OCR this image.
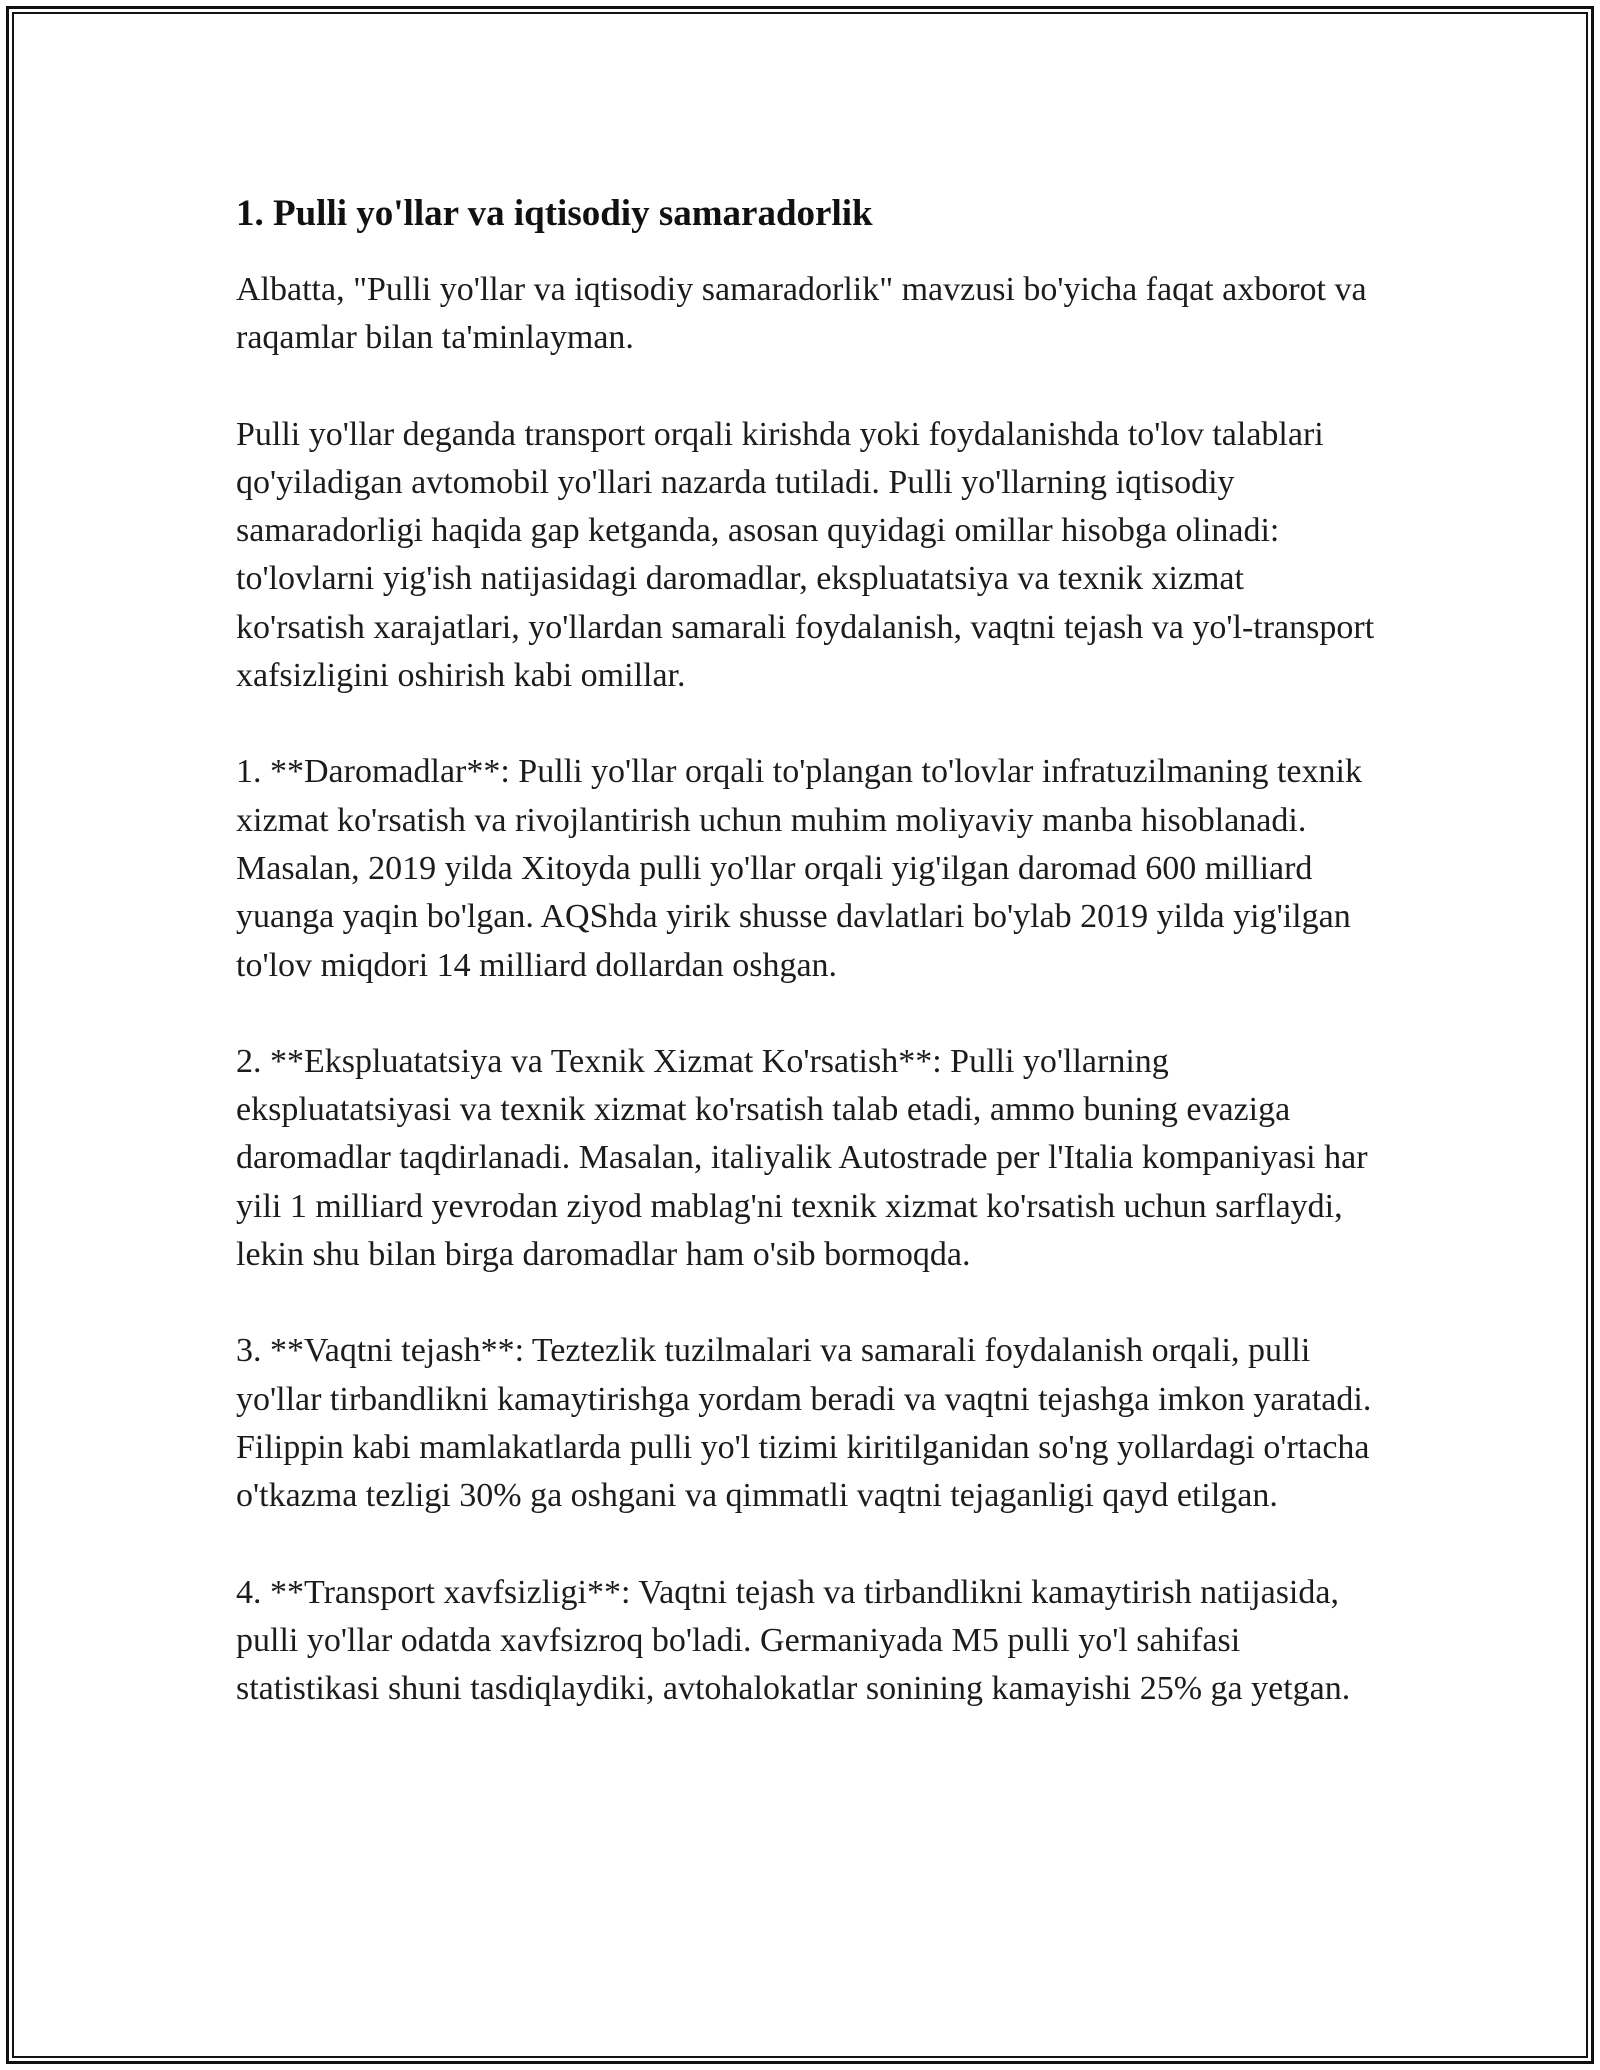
1. Pulli yo'llar va iqtisodiy samaradorlik

Albatta, "Pulli yo'llar va iqtisodiy samaradorlik" mavzusi bo'yicha faqat axborot va raqamlar bilan ta'minlayman.

Pulli yo'llar deganda transport orqali kirishda yoki foydalanishda to'lov talablari qo'yiladigan avtomobil yo'llari nazarda tutiladi. Pulli yo'llarning iqtisodiy samaradorligi haqida gap ketganda, asosan quyidagi omillar hisobga olinadi: to'lovlarni yig'ish natijasidagi daromadlar, ekspluatatsiya va texnik xizmat ko'rsatish xarajatlari, yo'llardan samarali foydalanish, vaqtni tejash va yo'l-transport xafsizligini oshirish kabi omillar.

1. **Daromadlar**: Pulli yo'llar orqali to'plangan to'lovlar infratuzilmaning texnik xizmat ko'rsatish va rivojlantirish uchun muhim moliyaviy manba hisoblanadi. Masalan, 2019 yilda Xitoyda pulli yo'llar orqali yig'ilgan daromad 600 milliard yuanga yaqin bo'lgan. AQShda yirik shusse davlatlari bo'ylab 2019 yilda yig'ilgan to'lov miqdori 14 milliard dollardan oshgan.

2. **Ekspluatatsiya va Texnik Xizmat Ko'rsatish**: Pulli yo'llarning ekspluatatsiyasi va texnik xizmat ko'rsatish talab etadi, ammo buning evaziga daromadlar taqdirlanadi. Masalan, italiyalik Autostrade per l'Italia kompaniyasi har yili 1 milliard yevrodan ziyod mablag'ni texnik xizmat ko'rsatish uchun sarflaydi, lekin shu bilan birga daromadlar ham o'sib bormoqda.

3. **Vaqtni tejash**: Teztezlik tuzilmalari va samarali foydalanish orqali, pulli yo'llar tirbandlikni kamaytirishga yordam beradi va vaqtni tejashga imkon yaratadi. Filippin kabi mamlakatlarda pulli yo'l tizimi kiritilganidan so'ng yollardagi o'rtacha o'tkazma tezligi 30% ga oshgani va qimmatli vaqtni tejaganligi qayd etilgan.

4. **Transport xavfsizligi**: Vaqtni tejash va tirbandlikni kamaytirish natijasida, pulli yo'llar odatda xavfsizroq bo'ladi. Germaniyada M5 pulli yo'l sahifasi statistikasi shuni tasdiqlaydiki, avtohalokatlar sonining kamayishi 25% ga yetgan.
